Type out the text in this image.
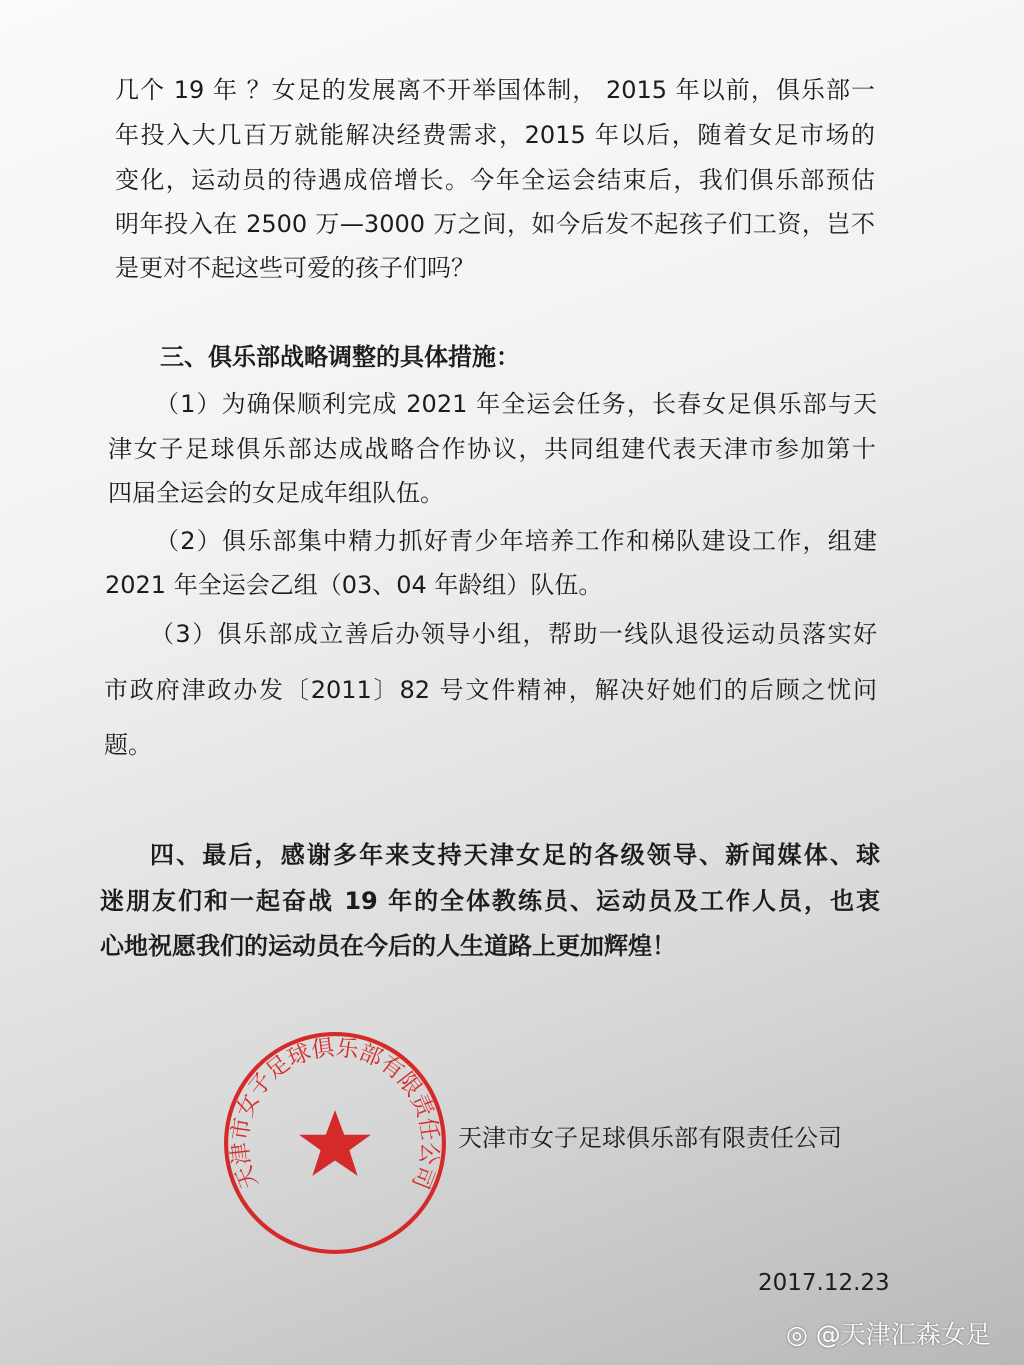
几个 19 年 ？女足的发展离不开举国体制， 2015 年以前，俱乐部一
年投入大几百万就能解决经费需求，2015 年以后，随着女足市场的
变化，运动员的待遇成倍增长。今年全运会结束后，我们俱乐部预估
明年投入在 2500 万—3000 万之间，如今后发不起孩子们工资，岂不
是更对不起这些可爱的孩子们吗？
三、俱乐部战略调整的具体措施：
（1）为确保顺利完成 2021 年全运会任务，长春女足俱乐部与天
津女子足球俱乐部达成战略合作协议，共同组建代表天津市参加第十
四届全运会的女足成年组队伍。
（2）俱乐部集中精力抓好青少年培养工作和梯队建设工作，组建
2021 年全运会乙组（03、04 年龄组）队伍。
（3）俱乐部成立善后办领导小组，帮助一线队退役运动员落实好
市政府津政办发〔2011〕82 号文件精神，解决好她们的后顾之忧问
题。
四、最后，感谢多年来支持天津女足的各级领导、新闻媒体、球
迷朋友们和一起奋战 19 年的全体教练员、运动员及工作人员，也衷
心地祝愿我们的运动员在今后的人生道路上更加辉煌！
天津市女子足球俱乐部有限责任公司
天津市女子足球俱乐部有限责任公司
2017.12.23
◎ @天津汇森女足
